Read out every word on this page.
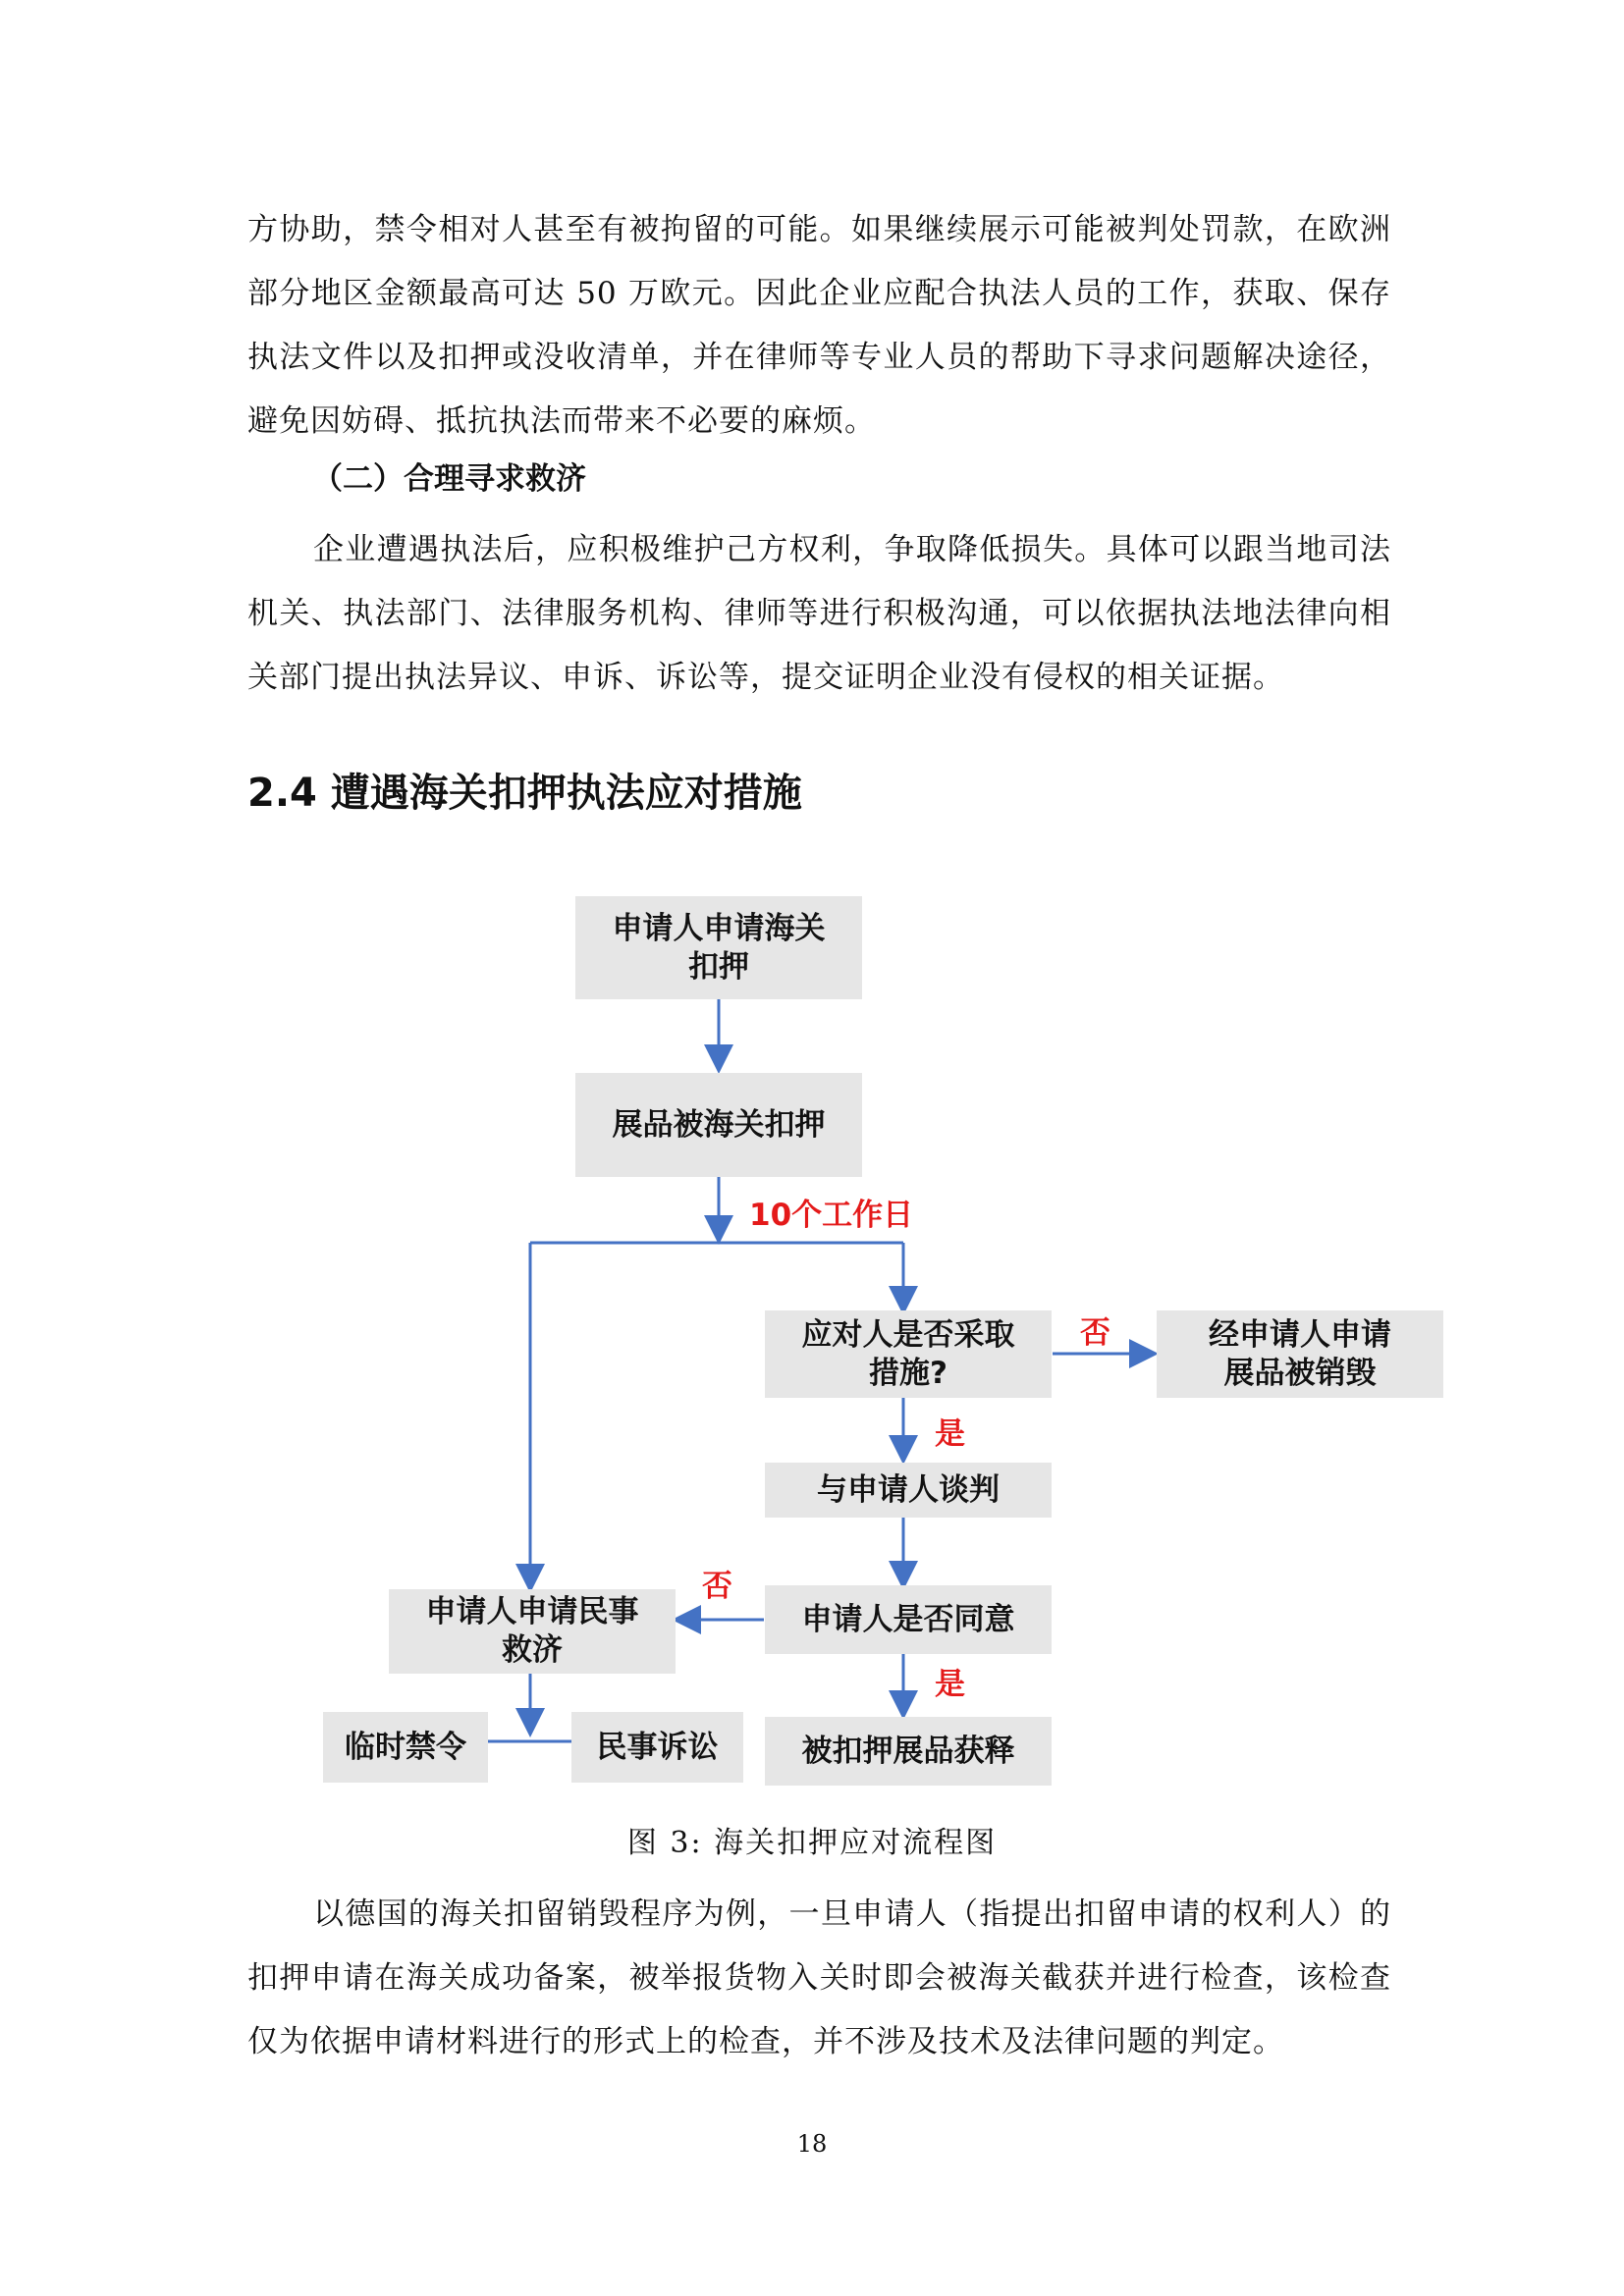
方协助，禁令相对人甚至有被拘留的可能。如果继续展示可能被判处罚款，在欧洲部分地区金额最高可达 50 万欧元。因此企业应配合执法人员的工作，获取、保存执法文件以及扣押或没收清单，并在律师等专业人员的帮助下寻求问题解决途径，避免因妨碍、抵抗执法而带来不必要的麻烦。

（二）合理寻求救济

企业遭遇执法后，应积极维护己方权利，争取降低损失。具体可以跟当地司法机关、执法部门、法律服务机构、律师等进行积极沟通，可以依据执法地法律向相关部门提出执法异议、申诉、诉讼等，提交证明企业没有侵权的相关证据。

2.4 遭遇海关扣押执法应对措施
申请人申请海关
扣押
展品被海关扣押
10个工作日
应对人是否采取
措施?
否	经申请人申请
展品被销毁
是
与申请人谈判
否
申请人是否同意
申请人申请民事
救济
是
被扣押展品获释
临时禁令	民事诉讼

图 3: 海关扣押应对流程图

以德国的海关扣留销毁程序为例，一旦申请人（指提出扣留申请的权利人）的扣押申请在海关成功备案，被举报货物入关时即会被海关截获并进行检查，该检查仅为依据申请材料进行的形式上的检查，并不涉及技术及法律问题的判定。

18
